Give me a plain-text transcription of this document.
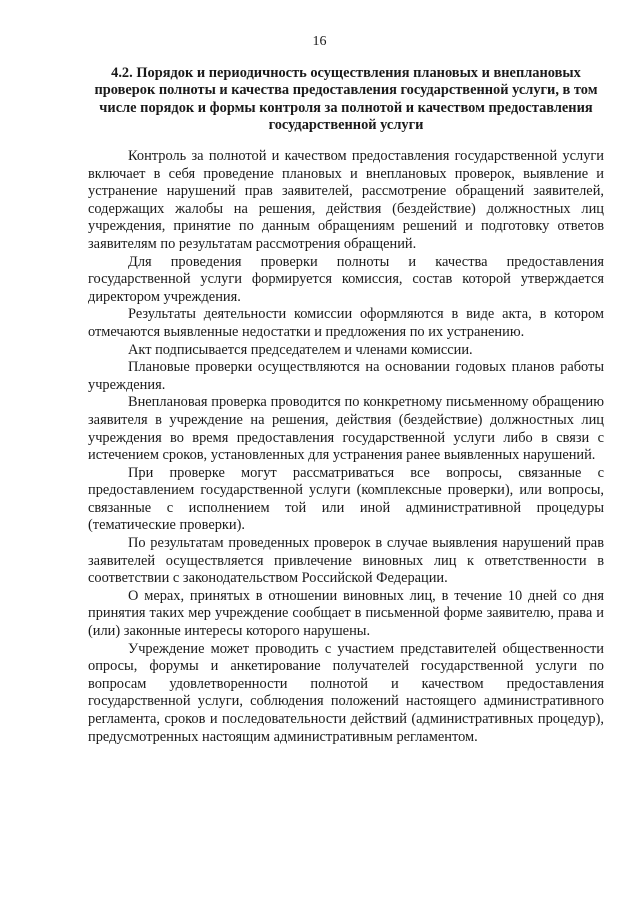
16
4.2. Порядок и периодичность осуществления плановых и внеплановых проверок полноты и качества предоставления государственной услуги, в том числе порядок и формы контроля за полнотой и качеством предоставления государственной услуги

Контроль за полнотой и качеством предоставления государственной услуги включает в себя проведение плановых и внеплановых проверок, выявление и устранение нарушений прав заявителей, рассмотрение обращений заявителей, содержащих жалобы на решения, действия (бездействие) должностных лиц учреждения, принятие по данным обращениям решений и подготовку ответов заявителям по результатам рассмотрения обращений.

Для проведения проверки полноты и качества предоставления государственной услуги формируется комиссия, состав которой утверждается директором учреждения.

Результаты деятельности комиссии оформляются в виде акта, в котором отмечаются выявленные недостатки и предложения по их устранению.

Акт подписывается председателем и членами комиссии.

Плановые проверки осуществляются на основании годовых планов работы учреждения.

Внеплановая проверка проводится по конкретному письменному обращению заявителя в учреждение на решения, действия (бездействие) должностных лиц учреждения во время предоставления государственной услуги либо в связи с истечением сроков, установленных для устранения ранее выявленных нарушений.

При проверке могут рассматриваться все вопросы, связанные с предоставлением государственной услуги (комплексные проверки), или вопросы, связанные с исполнением той или иной административной процедуры (тематические проверки).

По результатам проведенных проверок в случае выявления нарушений прав заявителей осуществляется привлечение виновных лиц к ответственности в соответствии с законодательством Российской Федерации.

О мерах, принятых в отношении виновных лиц, в течение 10 дней со дня принятия таких мер учреждение сообщает в письменной форме заявителю, права и (или) законные интересы которого нарушены.

Учреждение может проводить с участием представителей общественности опросы, форумы и анкетирование получателей государственной услуги по вопросам удовлетворенности полнотой и качеством предоставления государственной услуги, соблюдения положений настоящего административного регламента, сроков и последовательности действий (административных процедур), предусмотренных настоящим административным регламентом.
